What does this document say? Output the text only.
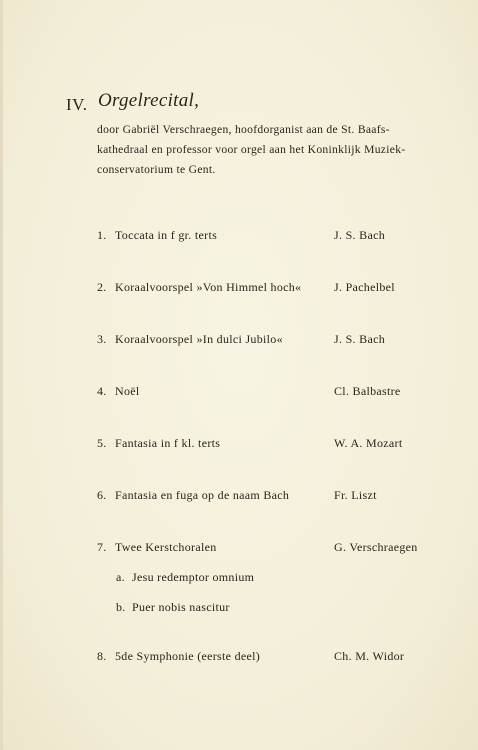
IV. Orgelrecital,
door Gabriël Verschraegen, hoofdorganist aan de St. Baafs-
kathedraal en professor voor orgel aan het Koninklijk Muziek-
conservatorium te Gent.
1. Toccata in f gr. terts	J. S. Bach
2. Koraalvoorspel »Von Himmel hoch«	J. Pachelbel
3. Koraalvoorspel »In dulci Jubilo«	J. S. Bach
4. Noël	Cl. Balbastre
5. Fantasia in f kl. terts	W. A. Mozart
6. Fantasia en fuga op de naam Bach	Fr. Liszt
7. Twee Kerstchoralen	G. Verschraegen
a. Jesu redemptor omnium
b. Puer nobis nascitur
8. 5de Symphonie (eerste deel)	Ch. M. Widor
